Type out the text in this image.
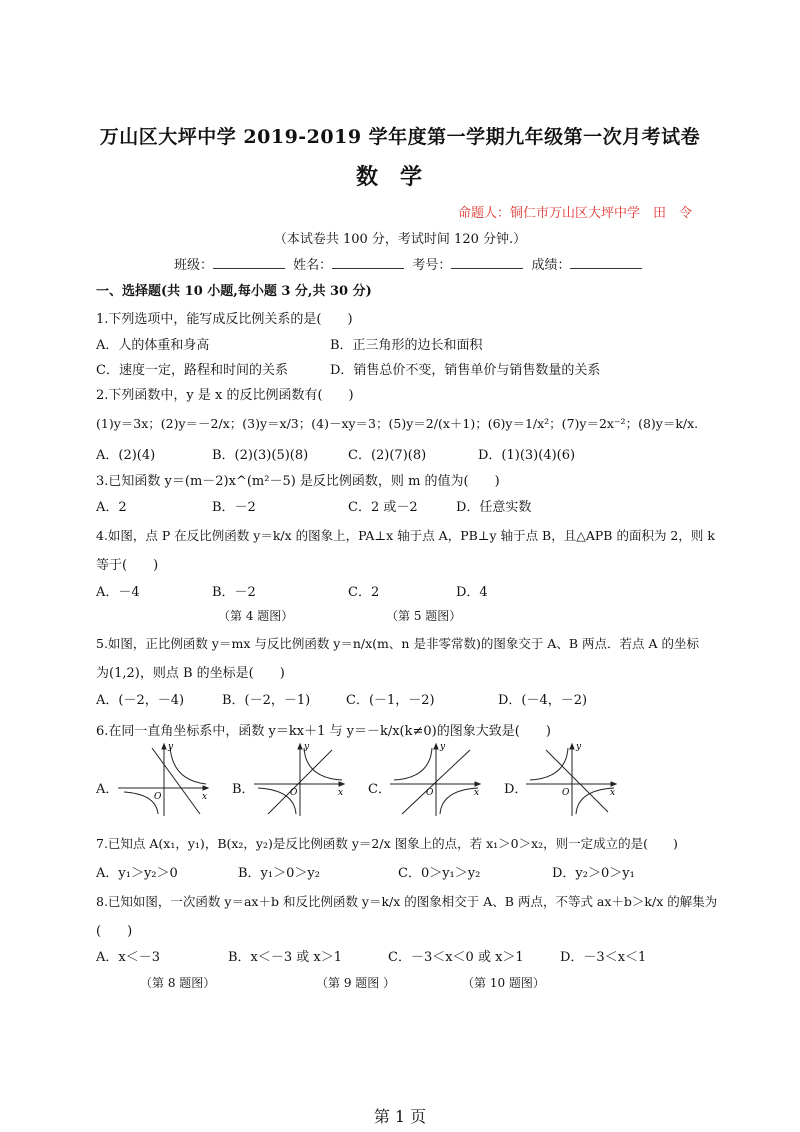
万山区大坪中学 2019-2019 学年度第一学期九年级第一次月考试卷
数学
命题人：铜仁市万山区大坪中学　田　令
（本试卷共 100 分，考试时间 120 分钟.）
班级：	姓名：	考号：	成绩：
一、选择题(共 10 小题,每小题 3 分,共 30 分)
1.下列选项中，能写成反比例关系的是(　　)
A．人的体重和身高	B．正三角形的边长和面积
C．速度一定，路程和时间的关系	D．销售总价不变，销售单价与销售数量的关系
2.下列函数中，y 是 x 的反比例函数有(　　)
(1)y＝3x；(2)y＝－2/x；(3)y＝x/3；(4)－xy＝3；(5)y＝2/(x＋1)；(6)y＝1/x²；(7)y＝2x⁻²；(8)y＝k/x.
A．(2)(4)	B．(2)(3)(5)(8)	C．(2)(7)(8)	D．(1)(3)(4)(6)
3.已知函数 y＝(m－2)x^(m²－5) 是反比例函数，则 m 的值为(　　)
A．2	B．－2	C．2 或－2	D．任意实数
4.如图，点 P 在反比例函数 y＝k/x 的图象上，PA⊥x 轴于点 A，PB⊥y 轴于点 B，且△APB 的面积为 2，则 k
等于(　　)
A．－4	B．－2	C．2	D．4
（第 4 题图）	（第 5 题图）
5.如图，正比例函数 y＝mx 与反比例函数 y＝n/x(m、n 是非零常数)的图象交于 A、B 两点．若点 A 的坐标
为(1,2)，则点 B 的坐标是(　　)
A．(－2，－4)	B．(－2，－1)	C．(－1，－2)	D．(－4，－2)
6.在同一直角坐标系中，函数 y＝kx＋1 与 y＝－k/x(k≠0)的图象大致是(　　)
A．	O	x
y
B．	O	x
y
C．	O	x
y
D．	O	x
y
7.已知点 A(x₁，y₁)，B(x₂，y₂)是反比例函数 y＝2/x 图象上的点，若 x₁＞0＞x₂，则一定成立的是(　　)
A．y₁＞y₂＞0	B．y₁＞0＞y₂	C．0＞y₁＞y₂	D．y₂＞0＞y₁
8.已知如图，一次函数 y＝ax＋b 和反比例函数 y＝k/x 的图象相交于 A、B 两点，不等式 ax＋b＞k/x 的解集为
(　　)
A．x＜－3	B．x＜－3 或 x＞1	C．－3＜x＜0 或 x＞1	D．－3＜x＜1
（第 8 题图）	（第 9 题图 ）	（第 10 题图）
第 1 页
